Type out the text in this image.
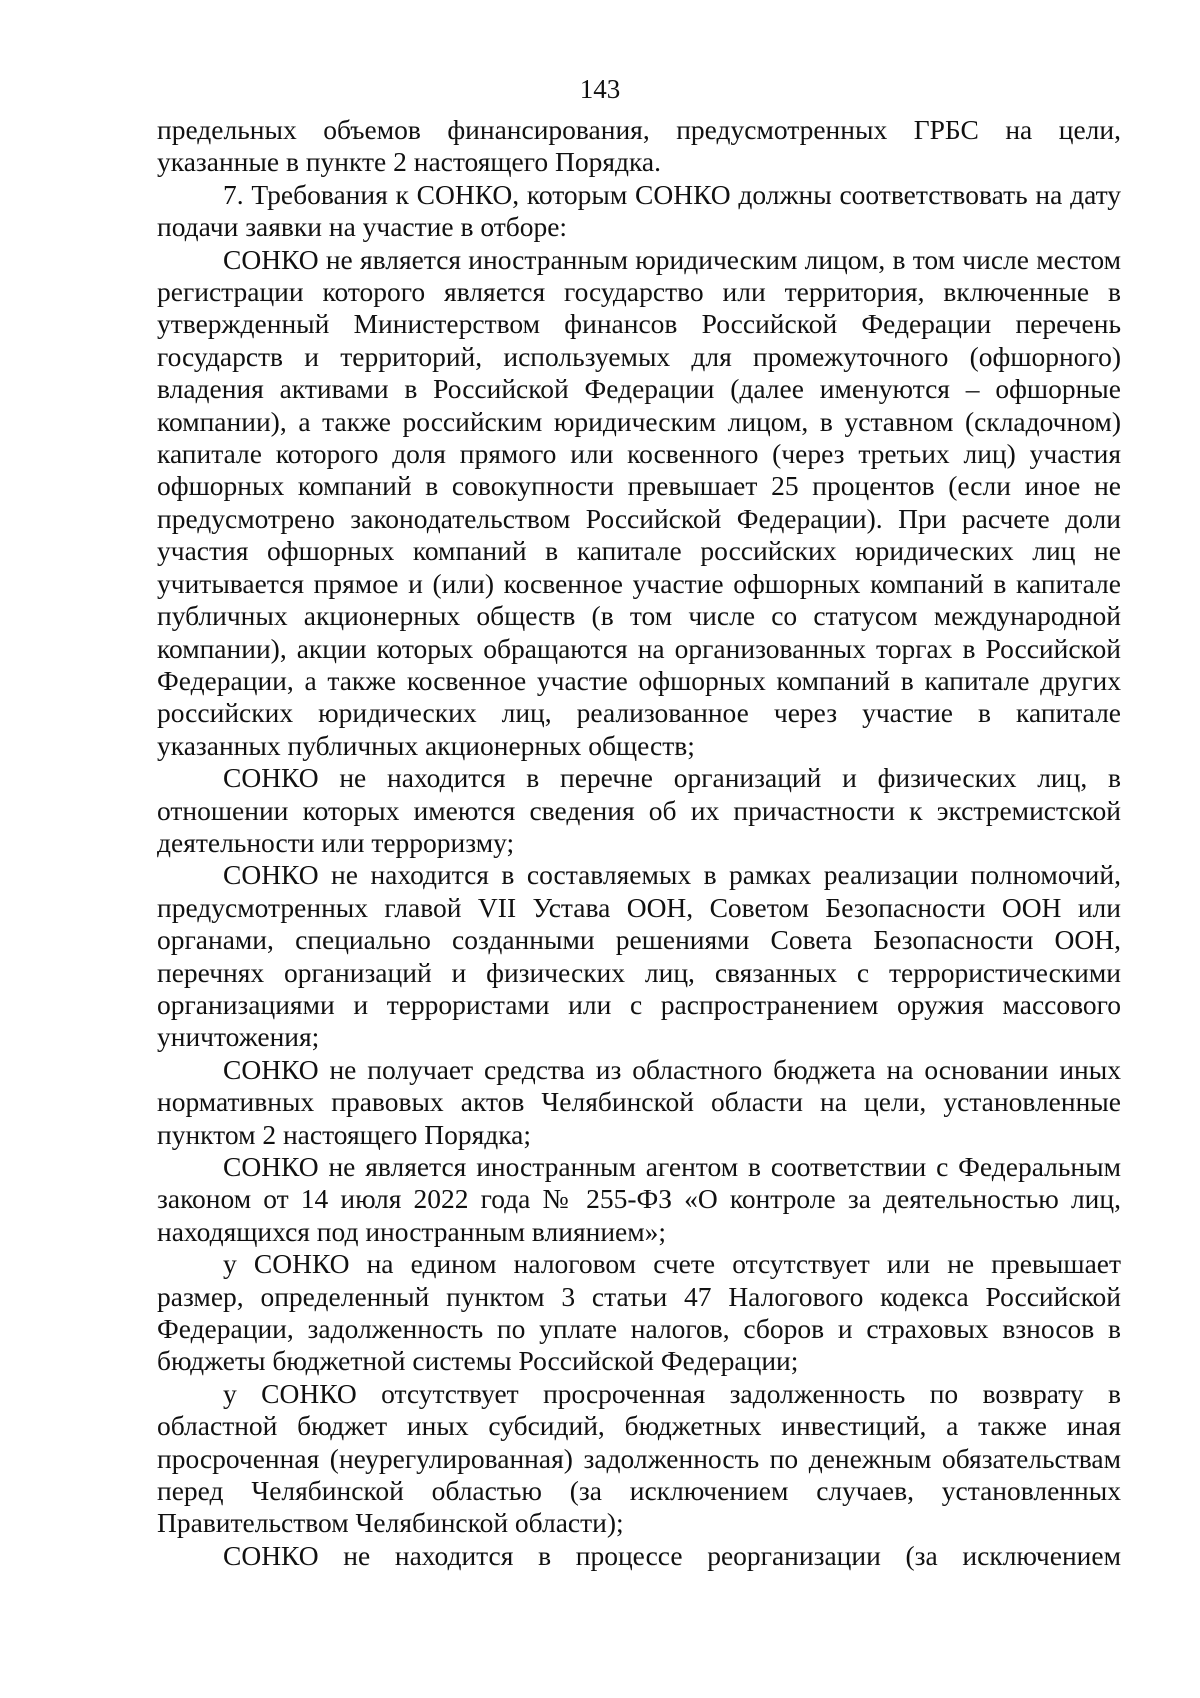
143

предельных объемов финансирования, предусмотренных ГРБС на цели, указанные в пункте 2 настоящего Порядка.

7. Требования к СОНКО, которым СОНКО должны соответствовать на дату подачи заявки на участие в отборе:

СОНКО не является иностранным юридическим лицом, в том числе местом регистрации которого является государство или территория, включенные в утвержденный Министерством финансов Российской Федерации перечень государств и территорий, используемых для промежуточного (офшорного) владения активами в Российской Федерации (далее именуются – офшорные компании), а также российским юридическим лицом, в уставном (складочном) капитале которого доля прямого или косвенного (через третьих лиц) участия офшорных компаний в совокупности превышает 25 процентов (если иное не предусмотрено законодательством Российской Федерации). При расчете доли участия офшорных компаний в капитале российских юридических лиц не учитывается прямое и (или) косвенное участие офшорных компаний в капитале публичных акционерных обществ (в том числе со статусом международной компании), акции которых обращаются на организованных торгах в Российской Федерации, а также косвенное участие офшорных компаний в капитале других российских юридических лиц, реализованное через участие в капитале указанных публичных акционерных обществ;

СОНКО не находится в перечне организаций и физических лиц, в отношении которых имеются сведения об их причастности к экстремистской деятельности или терроризму;

СОНКО не находится в составляемых в рамках реализации полномочий, предусмотренных главой VII Устава ООН, Советом Безопасности ООН или органами, специально созданными решениями Совета Безопасности ООН, перечнях организаций и физических лиц, связанных с террористическими организациями и террористами или с распространением оружия массового уничтожения;

СОНКО не получает средства из областного бюджета на основании иных нормативных правовых актов Челябинской области на цели, установленные пунктом 2 настоящего Порядка;

СОНКО не является иностранным агентом в соответствии с Федеральным законом от 14 июля 2022 года № 255-ФЗ «О контроле за деятельностью лиц, находящихся под иностранным влиянием»;

у СОНКО на едином налоговом счете отсутствует или не превышает размер, определенный пунктом 3 статьи 47 Налогового кодекса Российской Федерации, задолженность по уплате налогов, сборов и страховых взносов в бюджеты бюджетной системы Российской Федерации;

у СОНКО отсутствует просроченная задолженность по возврату в областной бюджет иных субсидий, бюджетных инвестиций, а также иная просроченная (неурегулированная) задолженность по денежным обязательствам перед Челябинской областью (за исключением случаев, установленных Правительством Челябинской области);

СОНКО не находится в процессе реорганизации (за исключением
